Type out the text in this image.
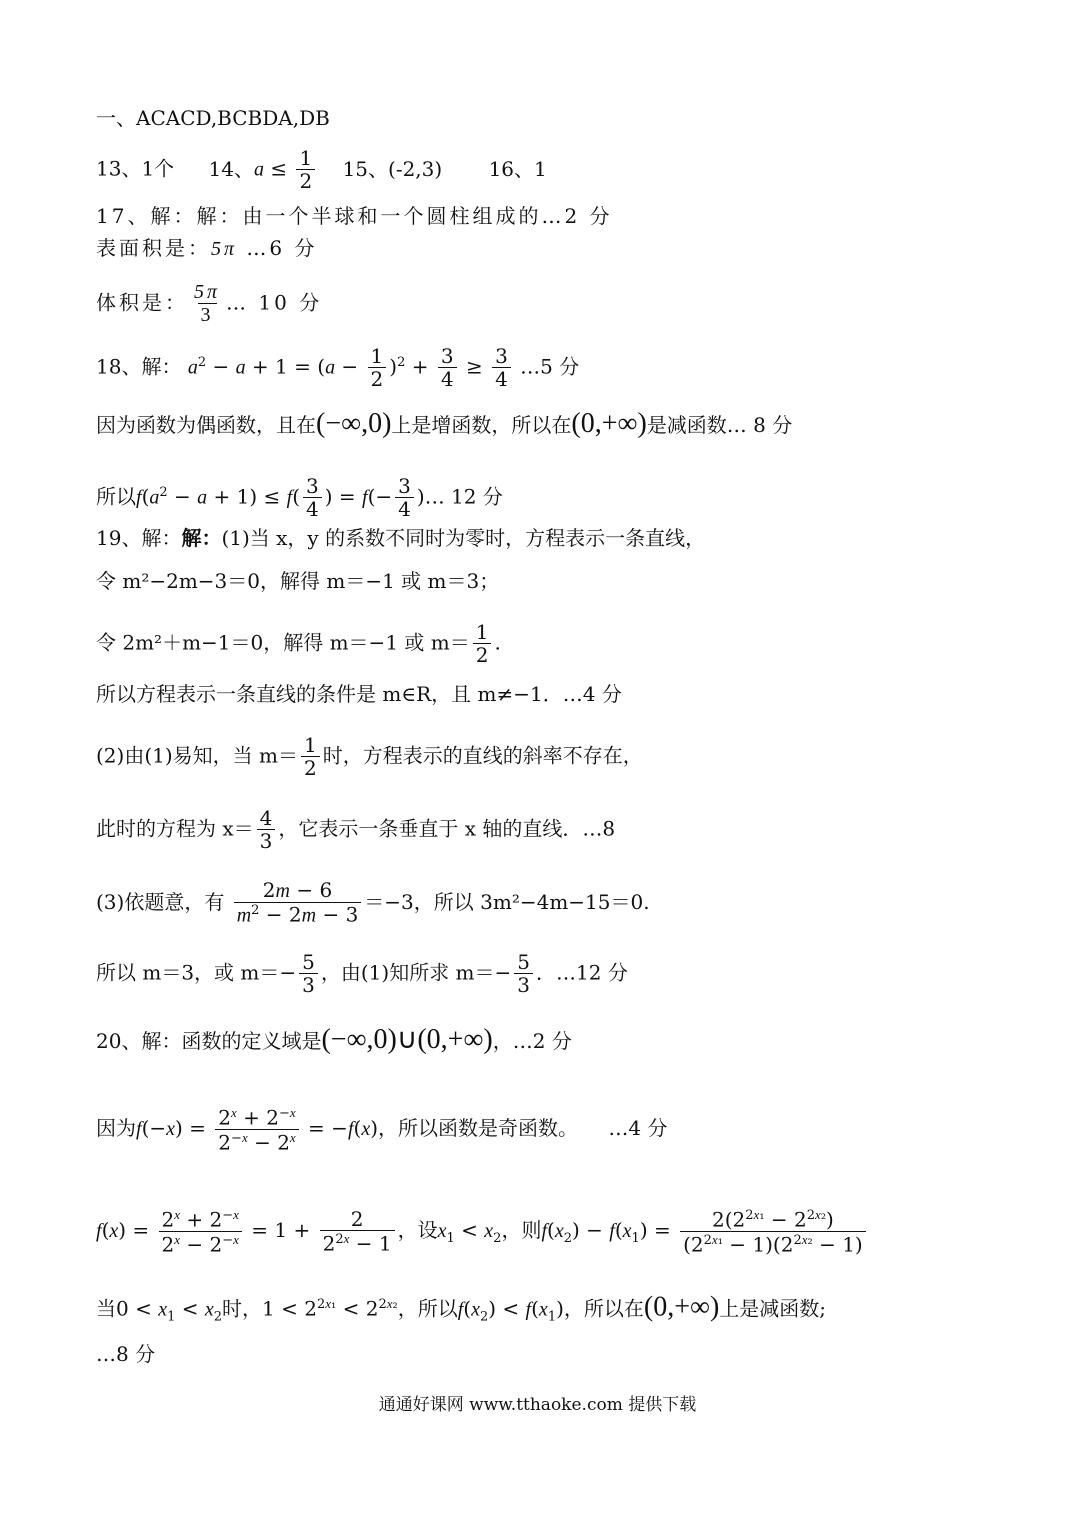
一、ACACD,BCBDA,DB
13、1个 14、$a \le \frac{1}{2} 15$、(-2,3) 16、1
17、解：解：由一个半球和一个圆柱组成的…2 分
表面积是：5π …6 分
体积是： $\frac{5\pi}{3}$ … 10 分
18、解： $a^2 - a + 1 = (a - \frac{1}{2} )^2 + \frac{3}{4} \ge \frac{3}{4}$ …5 分
因为函数为偶函数，且在(−∞,0)上是增函数，所以在(0,+∞)是减函数… 8 分
所以$f(a^2 - a + 1) \le f( \frac{3}{4}$ ) = $f(- \frac{3}{4}$ )… 12 分
19、解：解：(1)当 x，y 的系数不同时为零时，方程表示一条直线，
令 m²−2m−3＝0，解得 m＝−1 或 m＝3；
令 2m²＋m−1＝0，解得 m＝−1 或 $m= \frac{1}{2}$ .
所以方程表示一条直线的条件是 m∈R，且 m≠−1．…4 分
(2)由(1)易知，当 $m= \frac{1}{2}$ 时，方程表示的直线的斜率不存在，
此时的方程为 $x= \frac{4}{3}$ ，它表示一条垂直于 x 轴的直线．…8
(3)依题意，有 $\frac{2m - 6}{m^2 - 2m - 3} =-3$，所以 3m²−4m−15＝0.
所以 m＝3，或 $m=- \frac{5}{3}$ ，由(1)知所求 $m=- \frac{5}{3}$ ．…12 分
20、解：函数的定义域是(−∞,0)∪(0,+∞)，…2 分
因为$f(-x) = \frac{2^x + 2^{-x}}{2^{-x} - 2^x} = -f(x)$，所以函数是奇函数。 …4 分
$f(x) = \frac{2^x + 2^{-x}}{2^x - 2^{-x}} = 1 + \frac{2}{2^{2x} - 1}$ ，设$x_1 < x_2$，则$f(x_2) - f(x_1) = \frac{2(2^{2x_1} - 2^{2x_2})}{(2^{2x_1} - 1)(2^{2x_2} - 1)}$
当$0 < x_1 < x_2$时，$1 < 2^{2x_1} < 2^{2x_2}$，所以$f(x_2) < f(x_1)$，所以在(0,+∞)上是减函数;
…8 分
通通好课网 www.tthaoke.com 提供下载
